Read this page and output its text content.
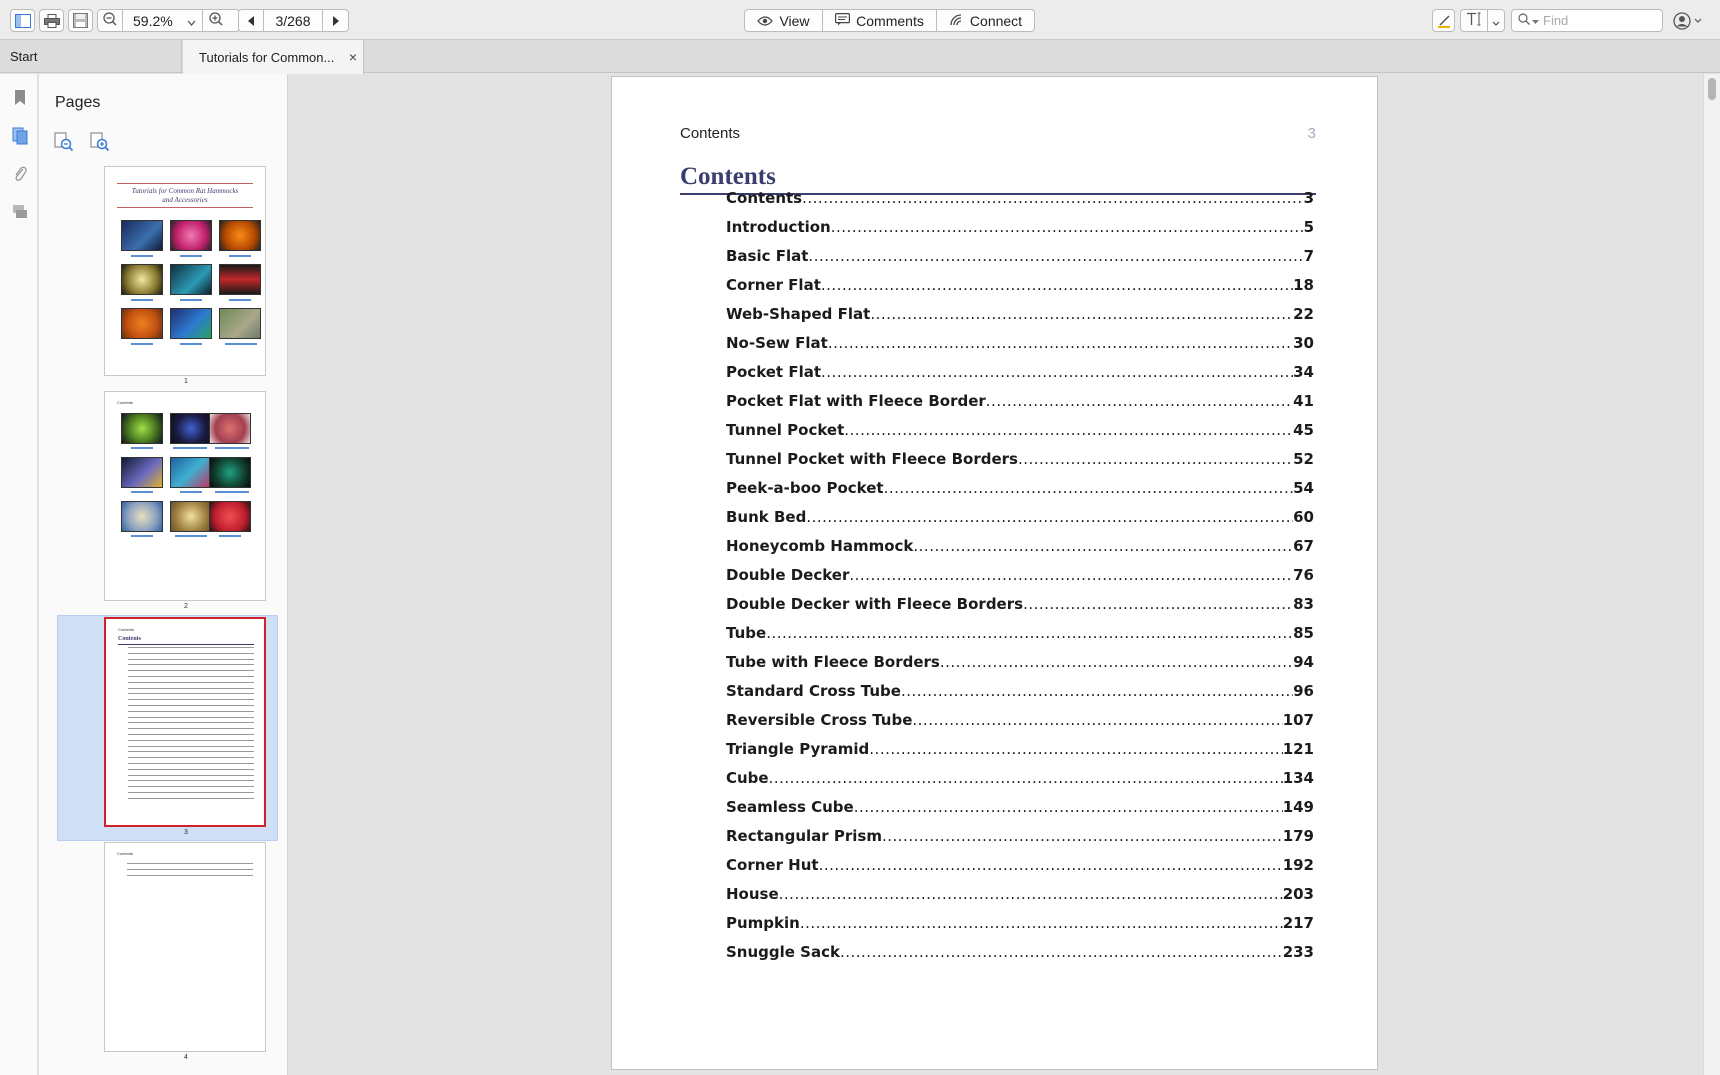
59.2%	3/268	View	Comments	Connect
Find
Start	Tutorials for Common... ×
Pages
Tutorials for Common Rat Hammocks
and Accessories
1
Contents
2
Contents
Contents
3
Contents
4
Contents	3
Contents
Contents .....	3
Introduction .....	5
Basic Flat .....	7
Corner Flat .....	18
Web-Shaped Flat .....	22
No-Sew Flat .....	30
Pocket Flat .....	34
Pocket Flat with Fleece Border .....	41
Tunnel Pocket .....	45
Tunnel Pocket with Fleece Borders .....	52
Peek-a-boo Pocket .....	54
Bunk Bed .....	60
Honeycomb Hammock .....	67
Double Decker .....	76
Double Decker with Fleece Borders .....	83
Tube .....	85
Tube with Fleece Borders .....	94
Standard Cross Tube .....	96
Reversible Cross Tube .....	107
Triangle Pyramid .....	121
Cube .....	134
Seamless Cube .....	149
Rectangular Prism .....	179
Corner Hut .....	192
House .....	203
Pumpkin .....	217
Snuggle Sack .....	233
